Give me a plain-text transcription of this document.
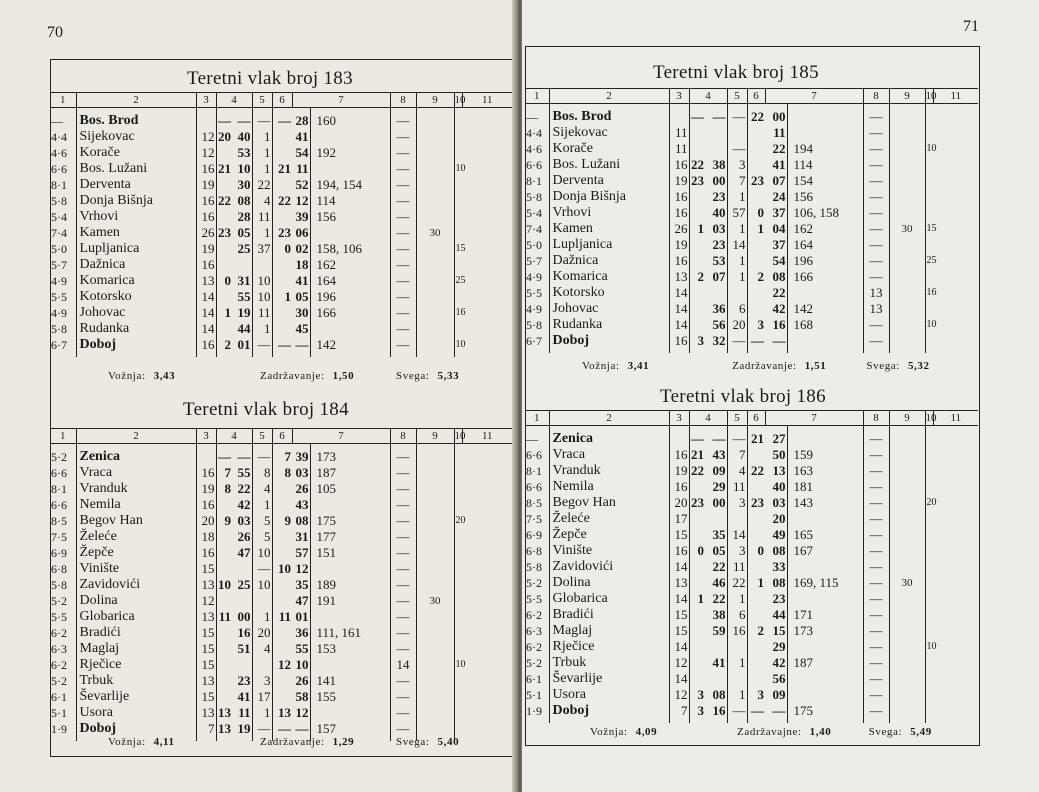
70
Teretni vlak broj 183
1	2	3	4		5	6	7		8	9	10	11
—	Bos. Brod		—	—	—	—		28	160	—			
4·4	Sijekovac	12	20	40	1			41		—			
4·6	Korače	12		53	1			54	192	—			
6·6	Bos. Lužani	16	21	10	1	21		11		—		10	
8·1	Derventa	19		30	22			52	194, 154	—			
5·8	Donja Bišnja	16	22	08	4	22		12	114	—			
5·4	Vrhovi	16		28	11			39	156	—			
7·4	Kamen	26	23	05	1	23		06		—	30		
5·0	Lupljanica	19		25	37	0		02	158, 106	—		15	
5·7	Dažnica	16						18	162	—			
4·9	Komarica	13	0	31	10			41	164	—		25	
5·5	Kotorsko	14		55	10	1		05	196	—			
4·9	Johovac	14	1	19	11			30	166	—		16	
5·8	Rudanka	14		44	1			45		—			
6·7	Doboj	16	2	01	—	—		—	142	—		10	
Vožnja: 3,43	Zadržavanje: 1,50	Svega: 5,33
Teretni vlak broj 184
1	2	3	4		5	6	7		8	9	10	11
5·2	Zenica		—	—	—	7		39	173	—			
6·6	Vraca	16	7	55	8	8		03	187	—			
8·1	Vranduk	19	8	22	4			26	105	—			
6·6	Nemila	16		42	1			43		—			
8·5	Begov Han	20	9	03	5	9		08	175	—		20	
7·5	Želeće	18		26	5			31	177	—			
6·9	Žepče	16		47	10			57	151	—			
6·8	Vinište	15			—	10		12		—			
5·8	Zavidovići	13	10	25	10			35	189	—			
5·2	Dolina	12						47	191	—	30		
5·5	Globarica	13	11	00	1	11		01		—			
6·2	Bradići	15		16	20			36	111, 161	—			
6·3	Maglaj	15		51	4			55	153	—			
6·2	Rječice	15				12		10		14		10	
5·2	Trbuk	13		23	3			26	141	—			
6·1	Ševarlije	15		41	17			58	155	—			
5·1	Usora	13	13	11	1	13		12		—			
1·9	Doboj	7	13	19	—	—		—	157	—			
Vožnja: 4,11	Zadržavanje: 1,29	Svega: 5,40
71
Teretni vlak broj 185
1	2	3	4		5	6	7		8	9	10	11
—	Bos. Brod		—	—	—	22		00		—			
4·4	Sijekovac	11						11		—			
4·6	Korače	11			—			22	194	—		10	
6·6	Bos. Lužani	16	22	38	3			41	114	—			
8·1	Derventa	19	23	00	7	23		07	154	—			
5·8	Donja Bišnja	16		23	1			24	156	—			
5·4	Vrhovi	16		40	57	0		37	106, 158	—			
7·4	Kamen	26	1	03	1	1		04	162	—	30	15	
5·0	Lupljanica	19		23	14			37	164	—			
5·7	Dažnica	16		53	1			54	196	—		25	
4·9	Komarica	13	2	07	1	2		08	166	—			
5·5	Kotorsko	14						22		13		16	
4·9	Johovac	14		36	6			42	142	13			
5·8	Rudanka	14		56	20	3		16	168	—		10	
6·7	Doboj	16	3	32	—	—		—		—			
Vožnja: 3,41	Zadržavanje: 1,51	Svega: 5,32
Teretni vlak broj 186
1	2	3	4		5	6	7		8	9	10	11
—	Zenica		—	—	—	21		27		—			
6·6	Vraca	16	21	43	7			50	159	—			
8·1	Vranduk	19	22	09	4	22		13	163	—			
6·6	Nemila	16		29	11			40	181	—			
8·5	Begov Han	20	23	00	3	23		03	143	—		20	
7·5	Želeće	17						20		—			
6·9	Žepče	15		35	14			49	165	—			
6·8	Vinište	16	0	05	3	0		08	167	—			
5·8	Zavidovići	14		22	11			33		—			
5·2	Dolina	13		46	22	1		08	169, 115	—	30		
5·5	Globarica	14	1	22	1			23		—			
6·2	Bradići	15		38	6			44	171	—			
6·3	Maglaj	15		59	16	2		15	173	—			
6·2	Rječice	14						29		—		10	
5·2	Trbuk	12		41	1			42	187	—			
6·1	Ševarlije	14						56		—			
5·1	Usora	12	3	08	1	3		09		—			
1·9	Doboj	7	3	16	—	—		—	175	—			
Vožnja: 4,09	Zadržavajne: 1,40	Svega: 5,49
